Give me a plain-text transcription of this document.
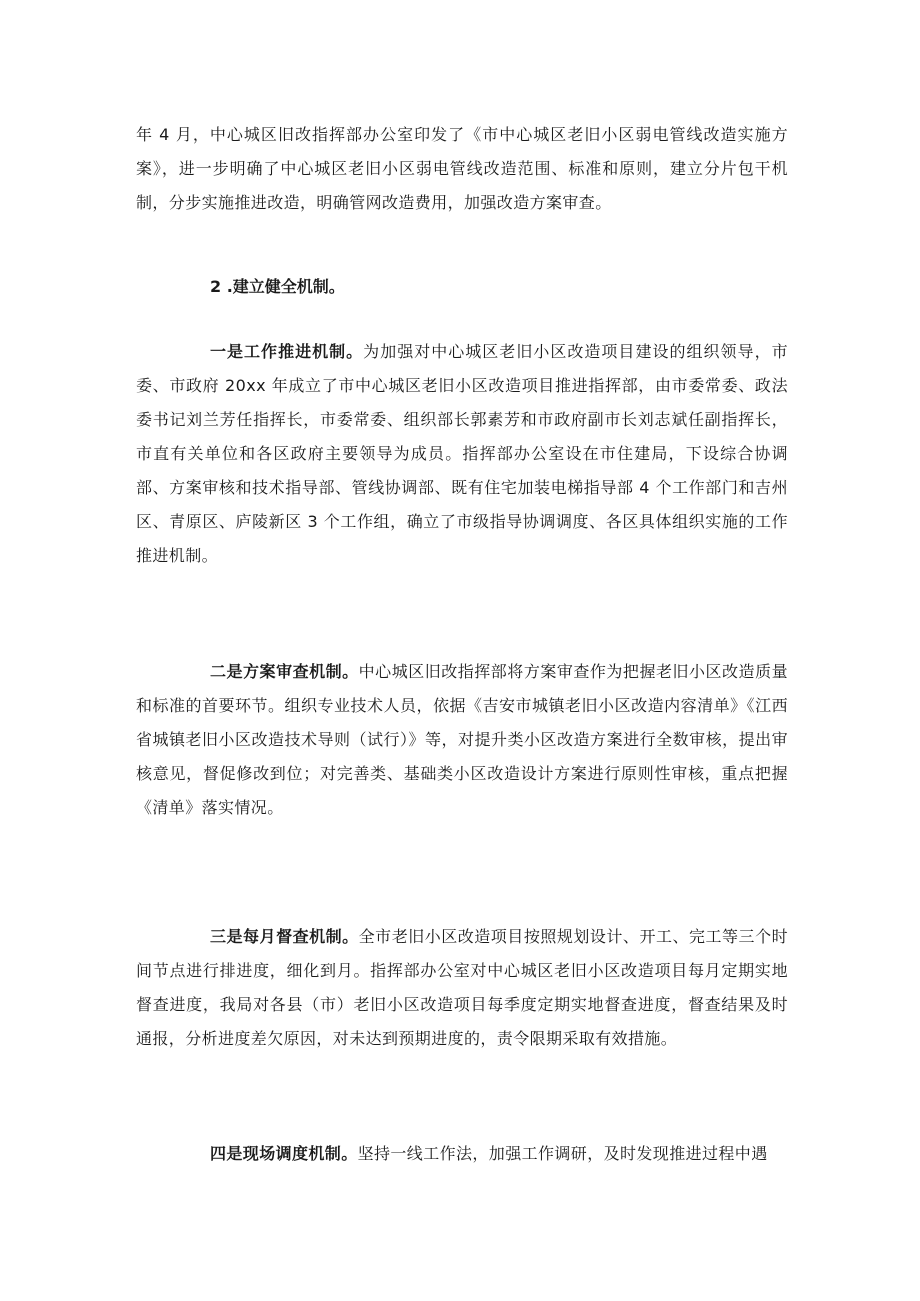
年 4 月，中心城区旧改指挥部办公室印发了《市中心城区老旧小区弱电管线改造实施方案》，进一步明确了中心城区老旧小区弱电管线改造范围、标准和原则，建立分片包干机制，分步实施推进改造，明确管网改造费用，加强改造方案审查。

2 .建立健全机制。

一是工作推进机制。为加强对中心城区老旧小区改造项目建设的组织领导，市委、市政府 20xx 年成立了市中心城区老旧小区改造项目推进指挥部，由市委常委、政法委书记刘兰芳任指挥长，市委常委、组织部长郭素芳和市政府副市长刘志斌任副指挥长，市直有关单位和各区政府主要领导为成员。指挥部办公室设在市住建局，下设综合协调部、方案审核和技术指导部、管线协调部、既有住宅加装电梯指导部 4 个工作部门和吉州区、青原区、庐陵新区 3 个工作组，确立了市级指导协调调度、各区具体组织实施的工作推进机制。

二是方案审查机制。中心城区旧改指挥部将方案审查作为把握老旧小区改造质量和标准的首要环节。组织专业技术人员，依据《吉安市城镇老旧小区改造内容清单》《江西省城镇老旧小区改造技术导则（试行）》等，对提升类小区改造方案进行全数审核，提出审核意见，督促修改到位；对完善类、基础类小区改造设计方案进行原则性审核，重点把握《清单》落实情况。

三是每月督查机制。全市老旧小区改造项目按照规划设计、开工、完工等三个时间节点进行排进度，细化到月。指挥部办公室对中心城区老旧小区改造项目每月定期实地督查进度，我局对各县（市）老旧小区改造项目每季度定期实地督查进度，督查结果及时通报，分析进度差欠原因，对未达到预期进度的，责令限期采取有效措施。

四是现场调度机制。坚持一线工作法，加强工作调研，及时发现推进过程中遇
